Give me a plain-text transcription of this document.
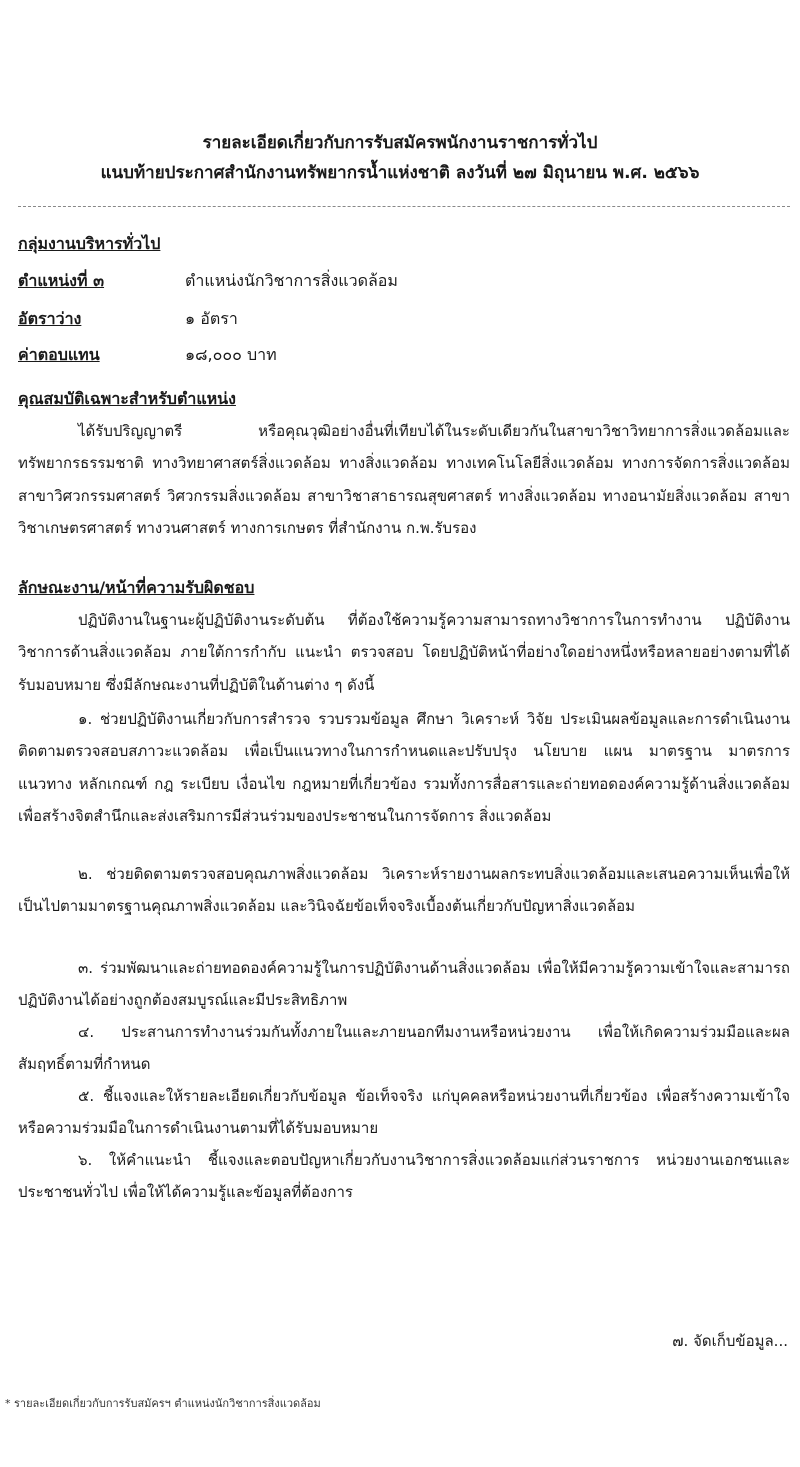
รายละเอียดเกี่ยวกับการรับสมัครพนักงานราชการทั่วไป
แนบท้ายประกาศสำนักงานทรัพยากรน้ำแห่งชาติ ลงวันที่ ๒๗ มิถุนายน พ.ศ. ๒๕๖๖
กลุ่มงานบริหารทั่วไป
ตำแหน่งที่ ๓	ตำแหน่งนักวิชาการสิ่งแวดล้อม
อัตราว่าง	๑ อัตรา
ค่าตอบแทน	๑๘,๐๐๐ บาท
คุณสมบัติเฉพาะสำหรับตำแหน่ง
ได้รับปริญญาตรี หรือคุณวุฒิอย่างอื่นที่เทียบได้ในระดับเดียวกันในสาขาวิชาวิทยาการสิ่งแวดล้อมและทรัพยากรธรรมชาติ ทางวิทยาศาสตร์สิ่งแวดล้อม ทางสิ่งแวดล้อม ทางเทคโนโลยีสิ่งแวดล้อม ทางการจัดการสิ่งแวดล้อม สาขาวิศวกรรมศาสตร์ วิศวกรรมสิ่งแวดล้อม สาขาวิชาสาธารณสุขศาสตร์ ทางสิ่งแวดล้อม ทางอนามัยสิ่งแวดล้อม สาขาวิชาเกษตรศาสตร์ ทางวนศาสตร์ ทางการเกษตร ที่สำนักงาน ก.พ.รับรอง
ลักษณะงาน/หน้าที่ความรับผิดชอบ
ปฏิบัติงานในฐานะผู้ปฏิบัติงานระดับต้น ที่ต้องใช้ความรู้ความสามารถทางวิชาการในการทำงาน ปฏิบัติงานวิชาการด้านสิ่งแวดล้อม ภายใต้การกำกับ แนะนำ ตรวจสอบ โดยปฏิบัติหน้าที่อย่างใดอย่างหนึ่งหรือหลายอย่างตามที่ได้รับมอบหมาย ซึ่งมีลักษณะงานที่ปฏิบัติในด้านต่าง ๆ ดังนี้
๑. ช่วยปฏิบัติงานเกี่ยวกับการสำรวจ รวบรวมข้อมูล ศึกษา วิเคราะห์ วิจัย ประเมินผลข้อมูลและการดำเนินงาน ติดตามตรวจสอบสภาวะแวดล้อม เพื่อเป็นแนวทางในการกำหนดและปรับปรุง นโยบาย แผน มาตรฐาน มาตรการ แนวทาง หลักเกณฑ์ กฎ ระเบียบ เงื่อนไข กฎหมายที่เกี่ยวข้อง รวมทั้งการสื่อสารและถ่ายทอดองค์ความรู้ด้านสิ่งแวดล้อม เพื่อสร้างจิตสำนึกและส่งเสริมการมีส่วนร่วมของประชาชนในการจัดการ สิ่งแวดล้อม
๒. ช่วยติดตามตรวจสอบคุณภาพสิ่งแวดล้อม วิเคราะห์รายงานผลกระทบสิ่งแวดล้อมและเสนอความเห็นเพื่อให้เป็นไปตามมาตรฐานคุณภาพสิ่งแวดล้อม และวินิจฉัยข้อเท็จจริงเบื้องต้นเกี่ยวกับปัญหาสิ่งแวดล้อม
๓. ร่วมพัฒนาและถ่ายทอดองค์ความรู้ในการปฏิบัติงานด้านสิ่งแวดล้อม เพื่อให้มีความรู้ความเข้าใจและสามารถปฏิบัติงานได้อย่างถูกต้องสมบูรณ์และมีประสิทธิภาพ
๔. ประสานการทำงานร่วมกันทั้งภายในและภายนอกทีมงานหรือหน่วยงาน เพื่อให้เกิดความร่วมมือและผลสัมฤทธิ์ตามที่กำหนด
๕. ชี้แจงและให้รายละเอียดเกี่ยวกับข้อมูล ข้อเท็จจริง แก่บุคคลหรือหน่วยงานที่เกี่ยวข้อง เพื่อสร้างความเข้าใจหรือความร่วมมือในการดำเนินงานตามที่ได้รับมอบหมาย
๖. ให้คำแนะนำ ชี้แจงและตอบปัญหาเกี่ยวกับงานวิชาการสิ่งแวดล้อมแก่ส่วนราชการ หน่วยงานเอกชนและประชาชนทั่วไป เพื่อให้ได้ความรู้และข้อมูลที่ต้องการ
๗. จัดเก็บข้อมูล...
* รายละเอียดเกี่ยวกับการรับสมัครฯ ตำแหน่งนักวิชาการสิ่งแวดล้อม
